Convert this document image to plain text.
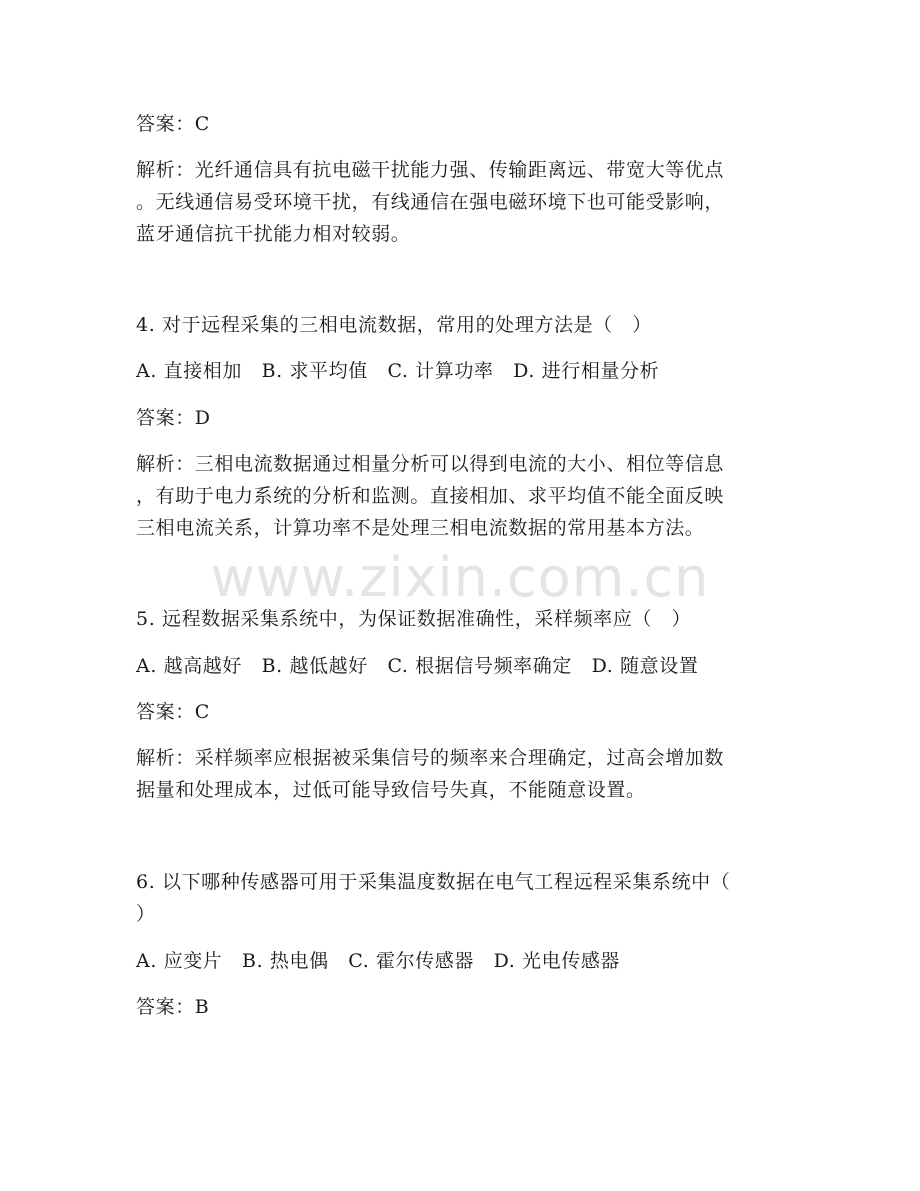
www.zixin.com.cn
答案：C
解析：光纤通信具有抗电磁干扰能力强、传输距离远、带宽大等优点
。无线通信易受环境干扰，有线通信在强电磁环境下也可能受影响，
蓝牙通信抗干扰能力相对较弱。
4. 对于远程采集的三相电流数据，常用的处理方法是（　）
A. 直接相加　B. 求平均值　C. 计算功率　D. 进行相量分析
答案：D
解析：三相电流数据通过相量分析可以得到电流的大小、相位等信息
，有助于电力系统的分析和监测。直接相加、求平均值不能全面反映
三相电流关系，计算功率不是处理三相电流数据的常用基本方法。
5. 远程数据采集系统中，为保证数据准确性，采样频率应（　）
A. 越高越好　B. 越低越好　C. 根据信号频率确定　D. 随意设置
答案：C
解析：采样频率应根据被采集信号的频率来合理确定，过高会增加数
据量和处理成本，过低可能导致信号失真，不能随意设置。
6. 以下哪种传感器可用于采集温度数据在电气工程远程采集系统中（
）
A. 应变片　B. 热电偶　C. 霍尔传感器　D. 光电传感器
答案：B
